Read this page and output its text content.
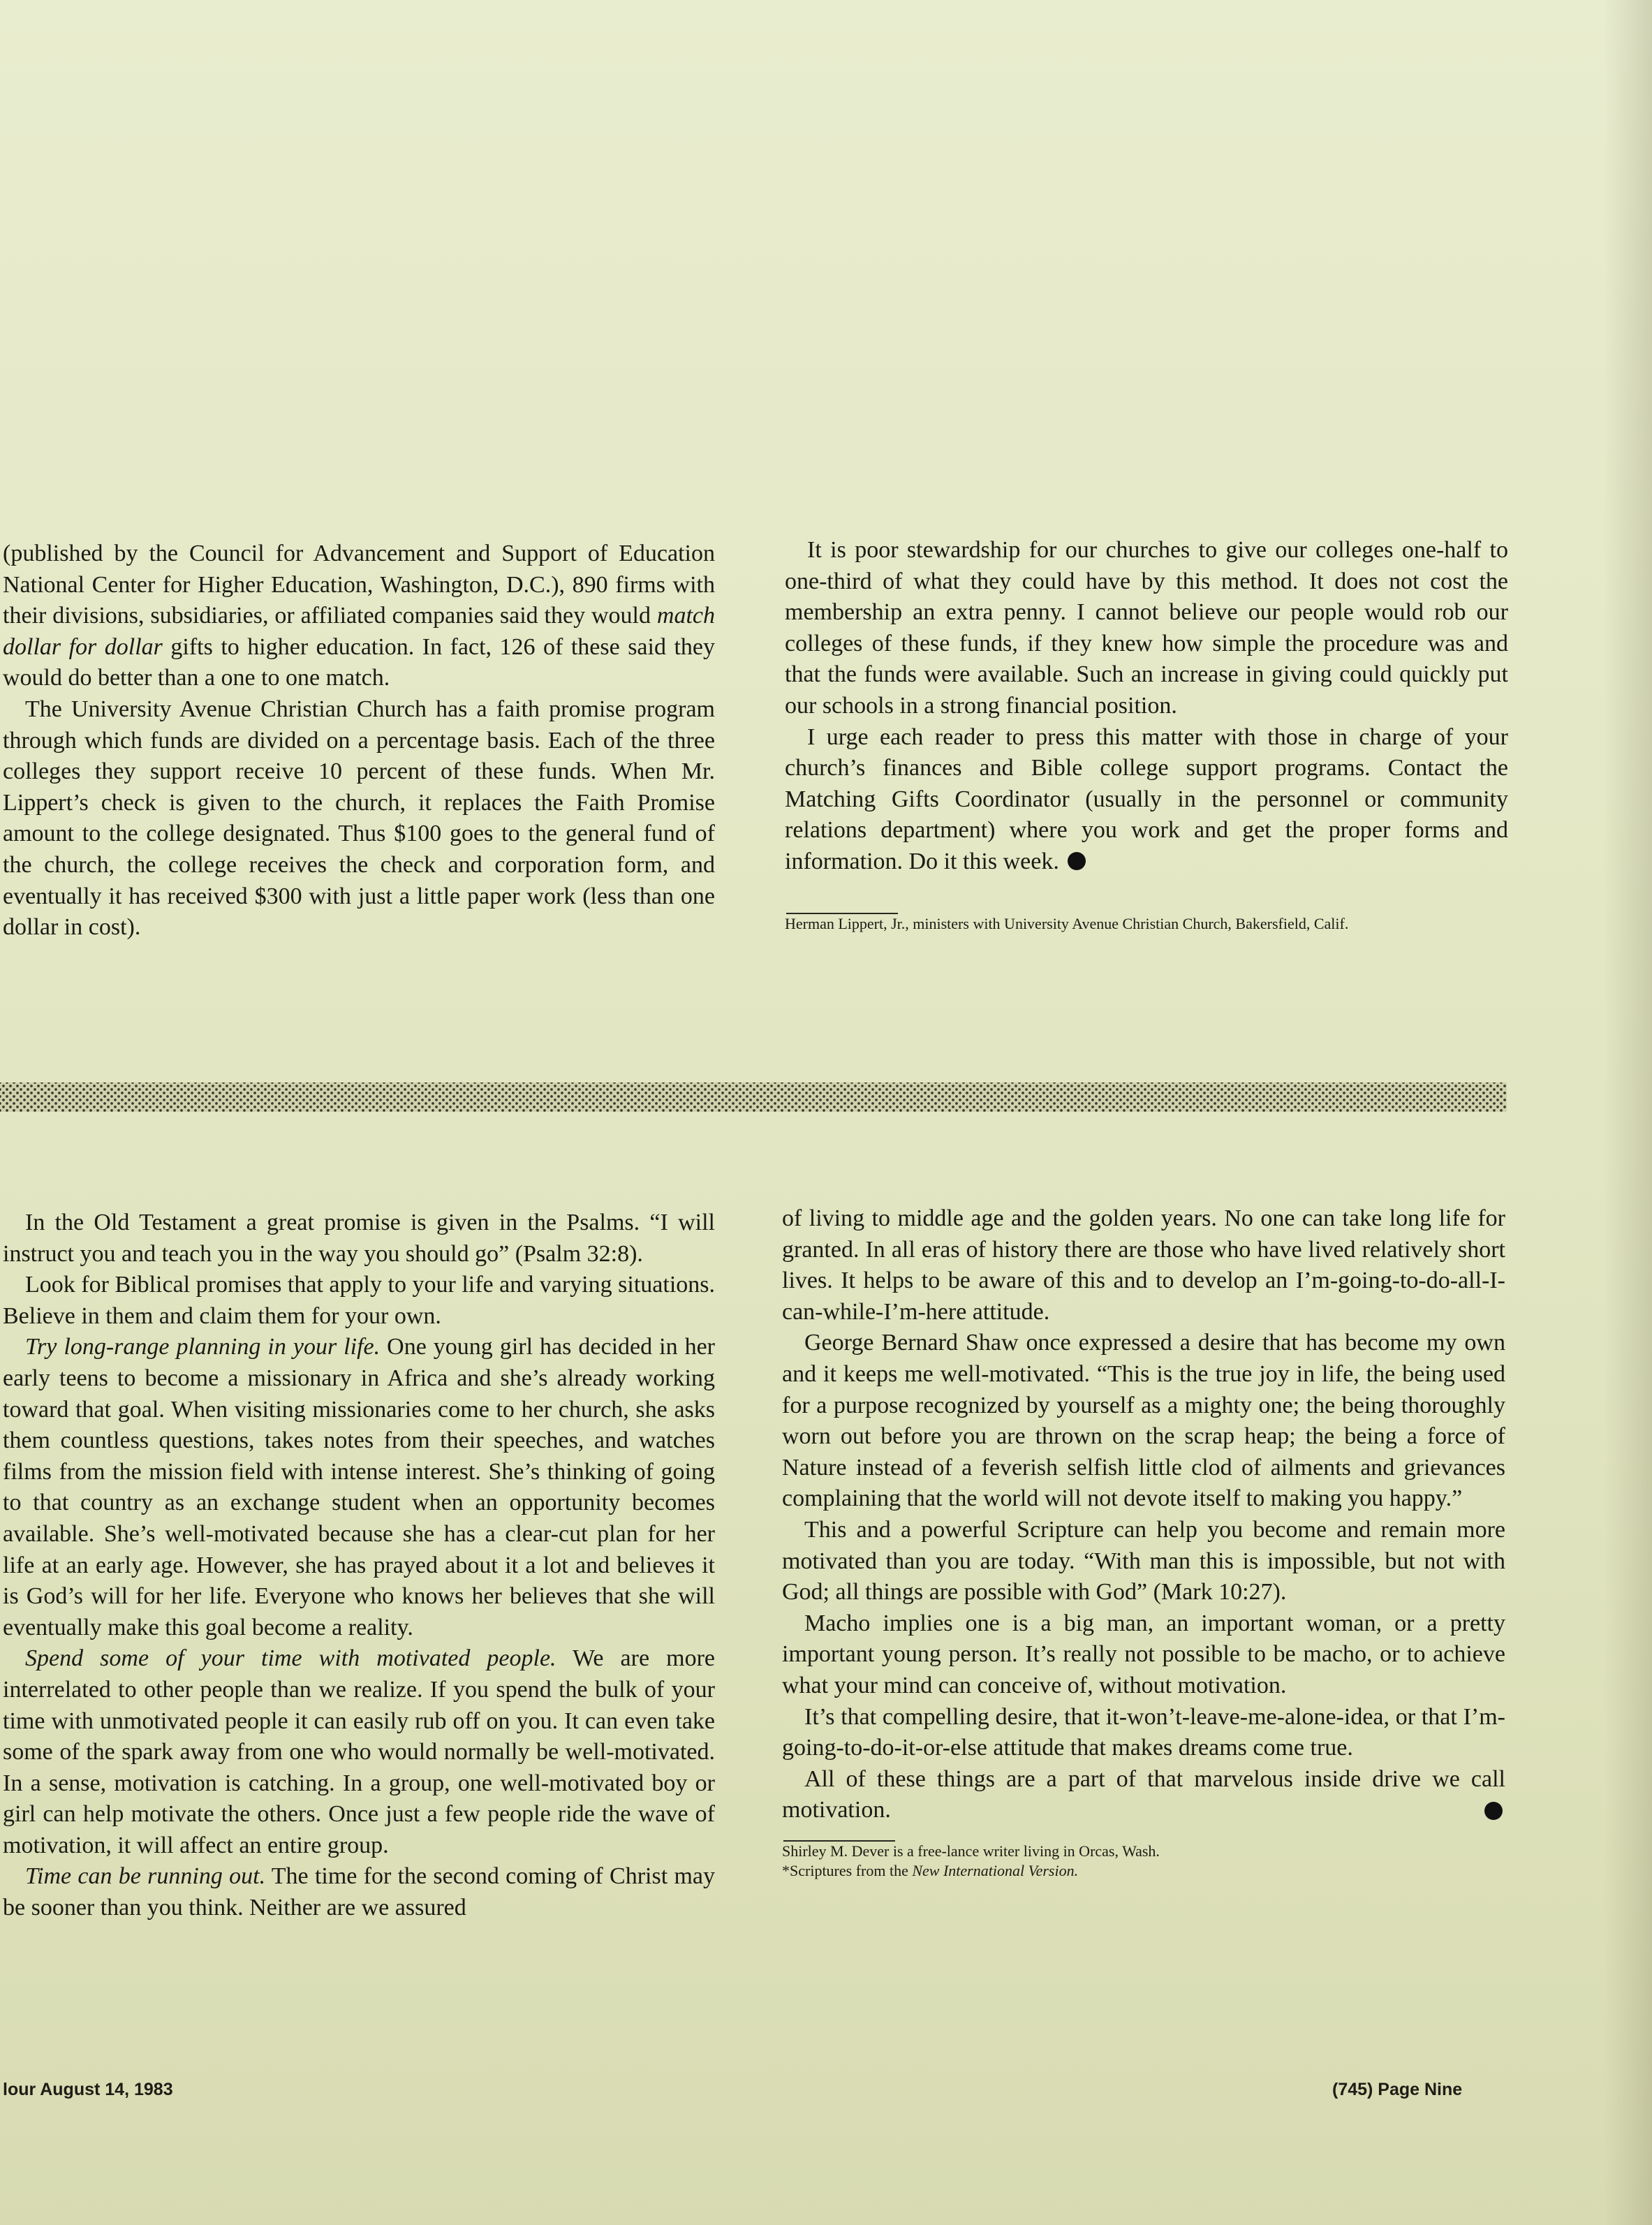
(published by the Council for Advancement and Support of Education National Center for Higher Education, Washington, D.C.), 890 firms with their divisions, subsidiaries, or affiliated companies said they would match dollar for dollar gifts to higher education. In fact, 126 of these said they would do better than a one to one match.

The University Avenue Christian Church has a faith promise program through which funds are divided on a percentage basis. Each of the three colleges they support receive 10 percent of these funds. When Mr. Lippert’s check is given to the church, it replaces the Faith Promise amount to the college designated. Thus $100 goes to the general fund of the church, the college receives the check and corporation form, and eventually it has received $300 with just a little paper work (less than one dollar in cost).

It is poor stewardship for our churches to give our colleges one-half to one-third of what they could have by this method. It does not cost the membership an extra penny. I cannot believe our people would rob our colleges of these funds, if they knew how simple the procedure was and that the funds were available. Such an increase in giving could quickly put our schools in a strong financial position.

I urge each reader to press this matter with those in charge of your church’s finances and Bible college support programs. Contact the Matching Gifts Coordinator (usually in the personnel or community relations department) where you work and get the proper forms and information. Do it this week.

Herman Lippert, Jr., ministers with University Avenue Christian Church, Bakersfield, Calif.

In the Old Testament a great promise is given in the Psalms. “I will instruct you and teach you in the way you should go” (Psalm 32:8).

Look for Biblical promises that apply to your life and varying situations. Believe in them and claim them for your own.

Try long-range planning in your life. One young girl has decided in her early teens to become a missionary in Africa and she’s already working toward that goal. When visiting missionaries come to her church, she asks them countless questions, takes notes from their speeches, and watches films from the mission field with intense interest. She’s thinking of going to that country as an exchange student when an opportunity becomes available. She’s well-motivated because she has a clear-cut plan for her life at an early age. However, she has prayed about it a lot and believes it is God’s will for her life. Everyone who knows her believes that she will eventually make this goal become a reality.

Spend some of your time with motivated people. We are more interrelated to other people than we realize. If you spend the bulk of your time with unmotivated people it can easily rub off on you. It can even take some of the spark away from one who would normally be well-motivated. In a sense, motivation is catching. In a group, one well-motivated boy or girl can help motivate the others. Once just a few people ride the wave of motivation, it will affect an entire group.

Time can be running out. The time for the second coming of Christ may be sooner than you think. Neither are we assured

of living to middle age and the golden years. No one can take long life for granted. In all eras of history there are those who have lived relatively short lives. It helps to be aware of this and to develop an I’m-going-to-do-all-I-can-while-I’m-here attitude.

George Bernard Shaw once expressed a desire that has become my own and it keeps me well-motivated. “This is the true joy in life, the being used for a purpose recognized by yourself as a mighty one; the being thoroughly worn out before you are thrown on the scrap heap; the being a force of Nature instead of a feverish selfish little clod of ailments and grievances complaining that the world will not devote itself to making you happy.”

This and a powerful Scripture can help you become and remain more motivated than you are today. “With man this is impossible, but not with God; all things are possible with God” (Mark 10:27).

Macho implies one is a big man, an important woman, or a pretty important young person. It’s really not possible to be macho, or to achieve what your mind can conceive of, without motivation.

It’s that compelling desire, that it-won’t-leave-me-alone-idea, or that I’m-going-to-do-it-or-else attitude that makes dreams come true.

All of these things are a part of that marvelous inside drive we call motivation.

Shirley M. Dever is a free-lance writer living in Orcas, Wash.

*Scriptures from the New International Version.

lour August 14, 1983	(745) Page Nine
